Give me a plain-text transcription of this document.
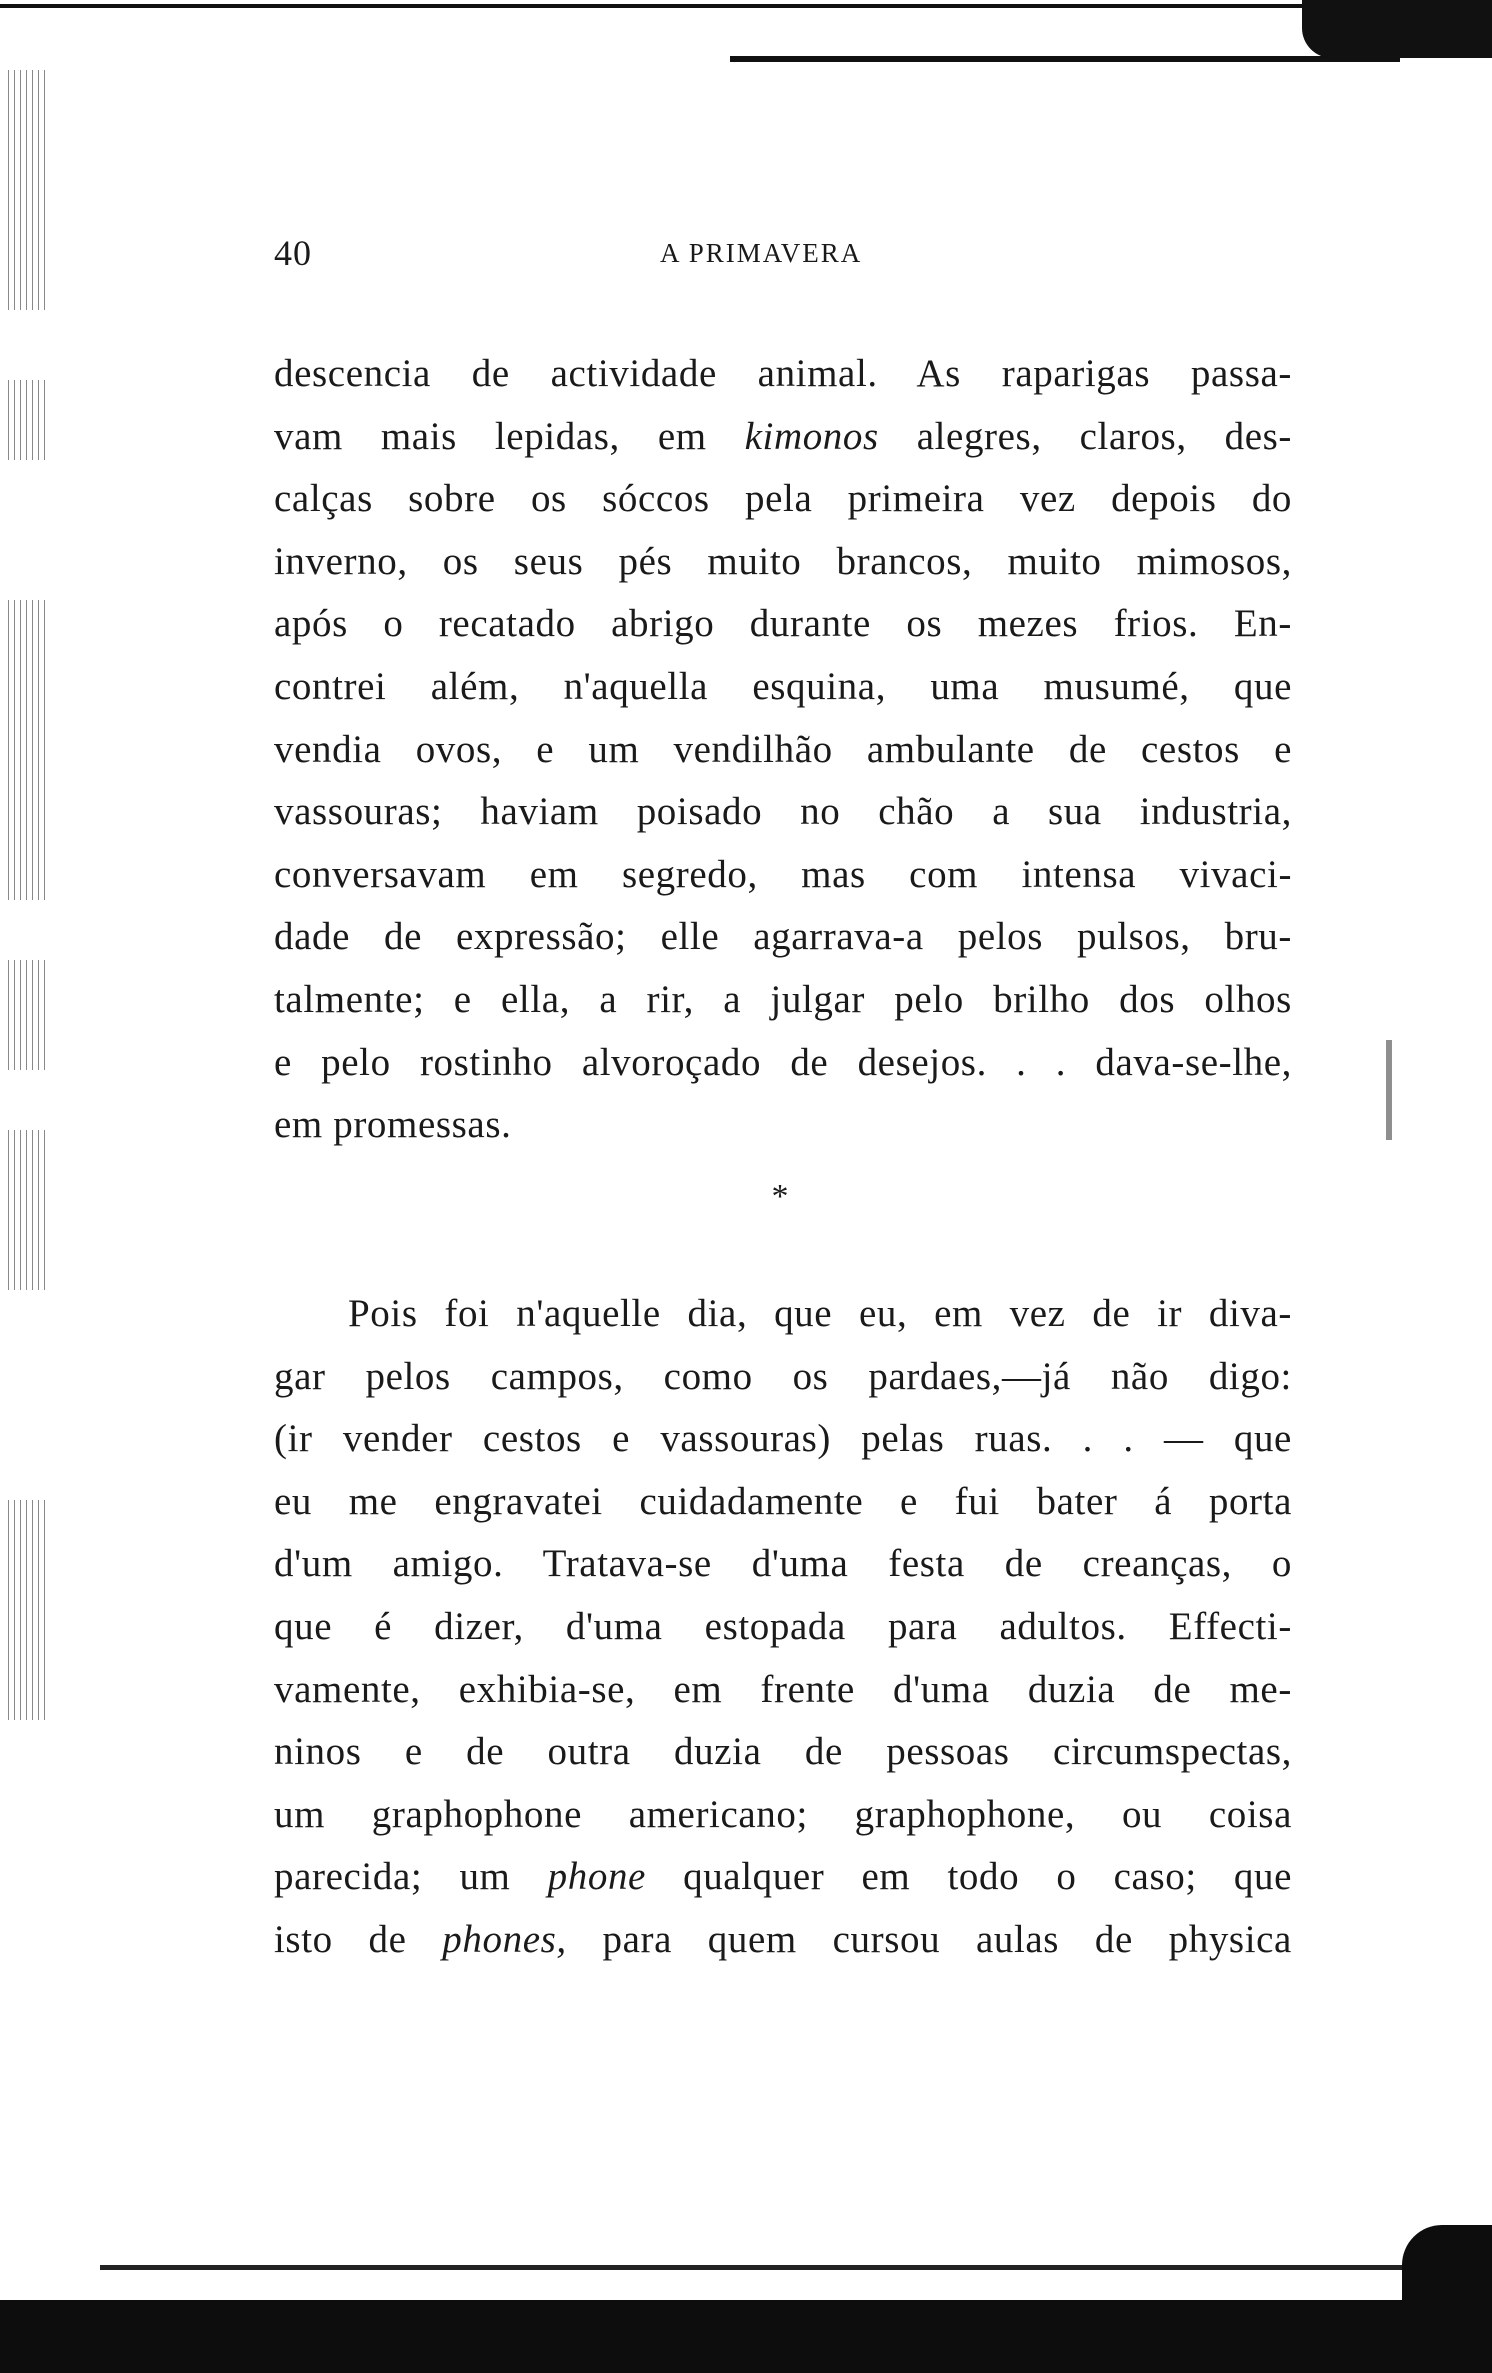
40	A PRIMAVERA
descencia de actividade animal. As raparigas passa-
vam mais lepidas, em kimonos alegres, claros, des-
calças sobre os sóccos pela primeira vez depois do
inverno, os seus pés muito brancos, muito mimosos,
após o recatado abrigo durante os mezes frios. En-
contrei além, n'aquella esquina, uma musumé, que
vendia ovos, e um vendilhão ambulante de cestos e
vassouras; haviam poisado no chão a sua industria,
conversavam em segredo, mas com intensa vivaci-
dade de expressão; elle agarrava-a pelos pulsos, bru-
talmente; e ella, a rir, a julgar pelo brilho dos olhos
e pelo rostinho alvoroçado de desejos. . . dava-se-lhe,
em promessas.
*
Pois foi n'aquelle dia, que eu, em vez de ir diva-
gar pelos campos, como os pardaes,—já não digo:
(ir vender cestos e vassouras) pelas ruas. . . — que
eu me engravatei cuidadamente e fui bater á porta
d'um amigo. Tratava-se d'uma festa de creanças, o
que é dizer, d'uma estopada para adultos. Effecti-
vamente, exhibia-se, em frente d'uma duzia de me-
ninos e de outra duzia de pessoas circumspectas,
um graphophone americano; graphophone, ou coisa
parecida; um phone qualquer em todo o caso; que
isto de phones, para quem cursou aulas de physica
